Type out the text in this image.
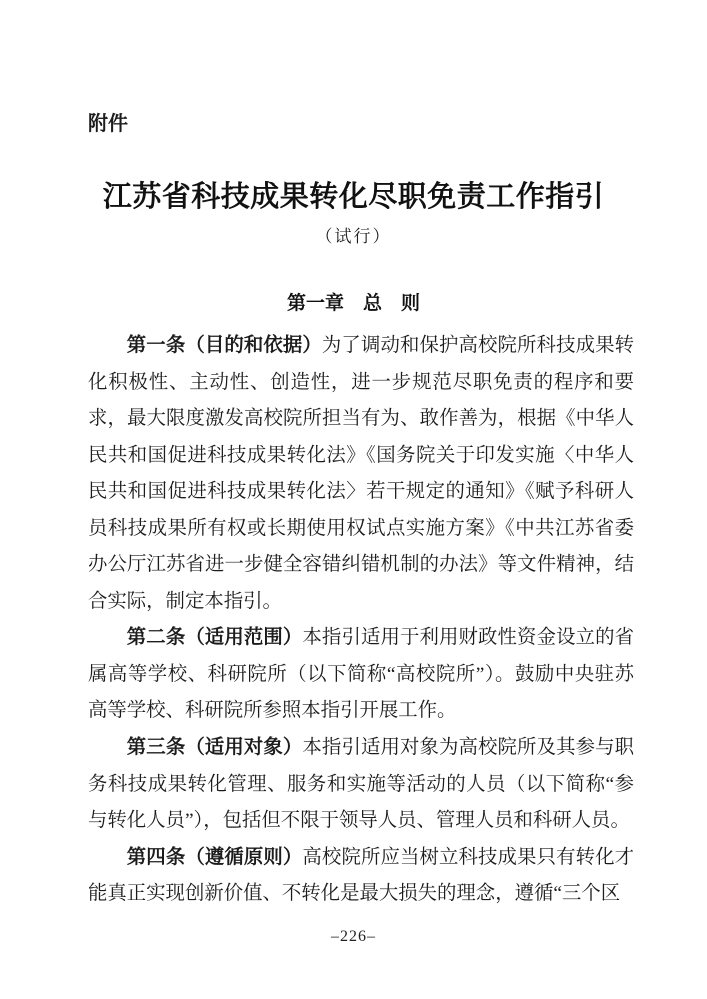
附件
江苏省科技成果转化尽职免责工作指引
（试行）
第一章　总　则

第一条（目的和依据）为了调动和保护高校院所科技成果转化积极性、主动性、创造性，进一步规范尽职免责的程序和要求，最大限度激发高校院所担当有为、敢作善为，根据《中华人民共和国促进科技成果转化法》《国务院关于印发实施〈中华人民共和国促进科技成果转化法〉若干规定的通知》《赋予科研人员科技成果所有权或长期使用权试点实施方案》《中共江苏省委办公厅江苏省进一步健全容错纠错机制的办法》等文件精神，结合实际，制定本指引。

第二条（适用范围）本指引适用于利用财政性资金设立的省属高等学校、科研院所（以下简称“高校院所”）。鼓励中央驻苏高等学校、科研院所参照本指引开展工作。

第三条（适用对象）本指引适用对象为高校院所及其参与职务科技成果转化管理、服务和实施等活动的人员（以下简称“参与转化人员”），包括但不限于领导人员、管理人员和科研人员。

第四条（遵循原则）高校院所应当树立科技成果只有转化才能真正实现创新价值、不转化是最大损失的理念，遵循“三个区

–226–
